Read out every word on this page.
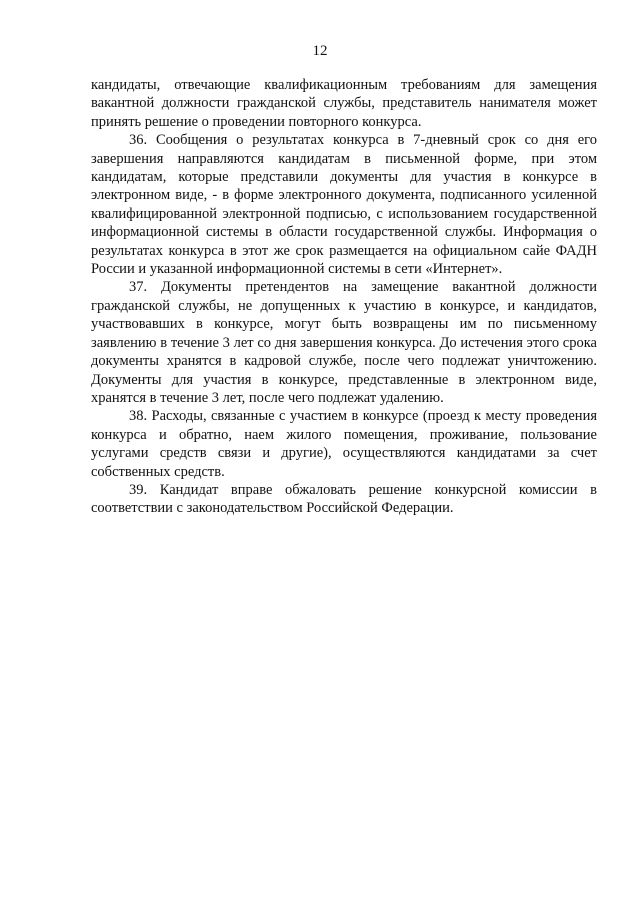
12

кандидаты, отвечающие квалификационным требованиям для замещения вакантной должности гражданской службы, представитель нанимателя может принять решение о проведении повторного конкурса.

36. Сообщения о результатах конкурса в 7-дневный срок со дня его завершения направляются кандидатам в письменной форме, при этом кандидатам, которые представили документы для участия в конкурсе в электронном виде, - в форме электронного документа, подписанного усиленной квалифицированной электронной подписью, с использованием государственной информационной системы в области государственной службы. Информация о результатах конкурса в этот же срок размещается на официальном сайе ФАДН России и указанной информационной системы в сети «Интернет».

37. Документы претендентов на замещение вакантной должности гражданской службы, не допущенных к участию в конкурсе, и кандидатов, участвовавших в конкурсе, могут быть возвращены им по письменному заявлению в течение 3 лет со дня завершения конкурса. До истечения этого срока документы хранятся в кадровой службе, после чего подлежат уничтожению. Документы для участия в конкурсе, представленные в электронном виде, хранятся в течение 3 лет, после чего подлежат удалению.

38. Расходы, связанные с участием в конкурсе (проезд к месту проведения конкурса и обратно, наем жилого помещения, проживание, пользование услугами средств связи и другие), осуществляются кандидатами за счет собственных средств.

39. Кандидат вправе обжаловать решение конкурсной комиссии в соответствии с законодательством Российской Федерации.
